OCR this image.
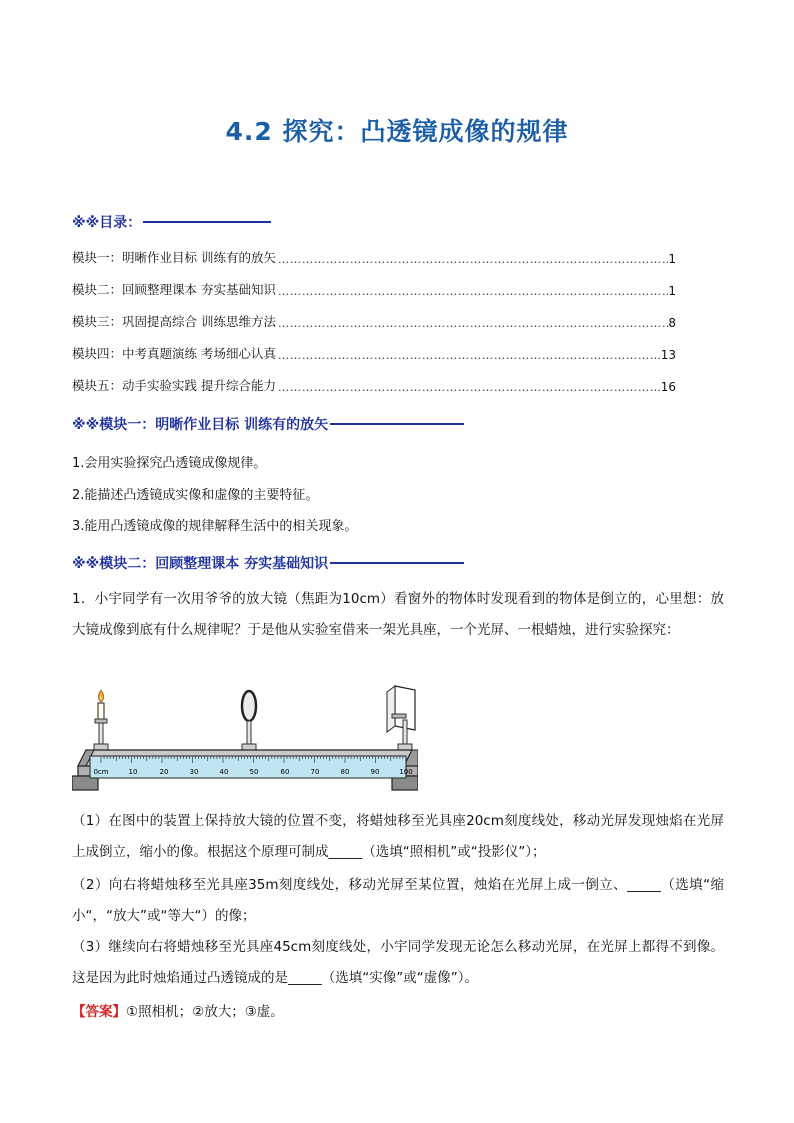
4.2 探究：凸透镜成像的规律
※※目录：
模块一：明晰作业目标 训练有的放矢 ……………………………………………………………………………………………………………………………………	1
模块二：回顾整理课本 夯实基础知识 ……………………………………………………………………………………………………………………………………	1
模块三：巩固提高综合 训练思维方法 ……………………………………………………………………………………………………………………………………	8
模块四：中考真题演练 考场细心认真 ……………………………………………………………………………………………………………………………………	13
模块五：动手实验实践 提升综合能力 ……………………………………………………………………………………………………………………………………	16
※※模块一：明晰作业目标 训练有的放矢
1.会用实验探究凸透镜成像规律。
2.能描述凸透镜成实像和虚像的主要特征。
3.能用凸透镜成像的规律解释生活中的相关现象。
※※模块二：回顾整理课本 夯实基础知识
1．小宇同学有一次用爷爷的放大镜（焦距为10cm）看窗外的物体时发现看到的物体是倒立的，心里想：放大镜成像到底有什么规律呢？于是他从实验室借来一架光具座，一个光屏、一根蜡烛，进行实验探究：
0cm	10	20	30	40	50	60	70	80	90	100
（1）在图中的装置上保持放大镜的位置不变，将蜡烛移至光具座20cm刻度线处，移动光屏发现烛焰在光屏上成倒立，缩小的像。根据这个原理可制成_____（选填“照相机”或“投影仪”）；
（2）向右将蜡烛移至光具座35m刻度线处，移动光屏至某位置，烛焰在光屏上成一倒立、_____（选填“缩小“，“放大”或“等大“）的像；
（3）继续向右将蜡烛移至光具座45cm刻度线处，小宇同学发现无论怎么移动光屏，在光屏上都得不到像。这是因为此时烛焰通过凸透镜成的是_____（选填“实像”或“虚像”）。
【答案】①照相机；②放大；③虚。
